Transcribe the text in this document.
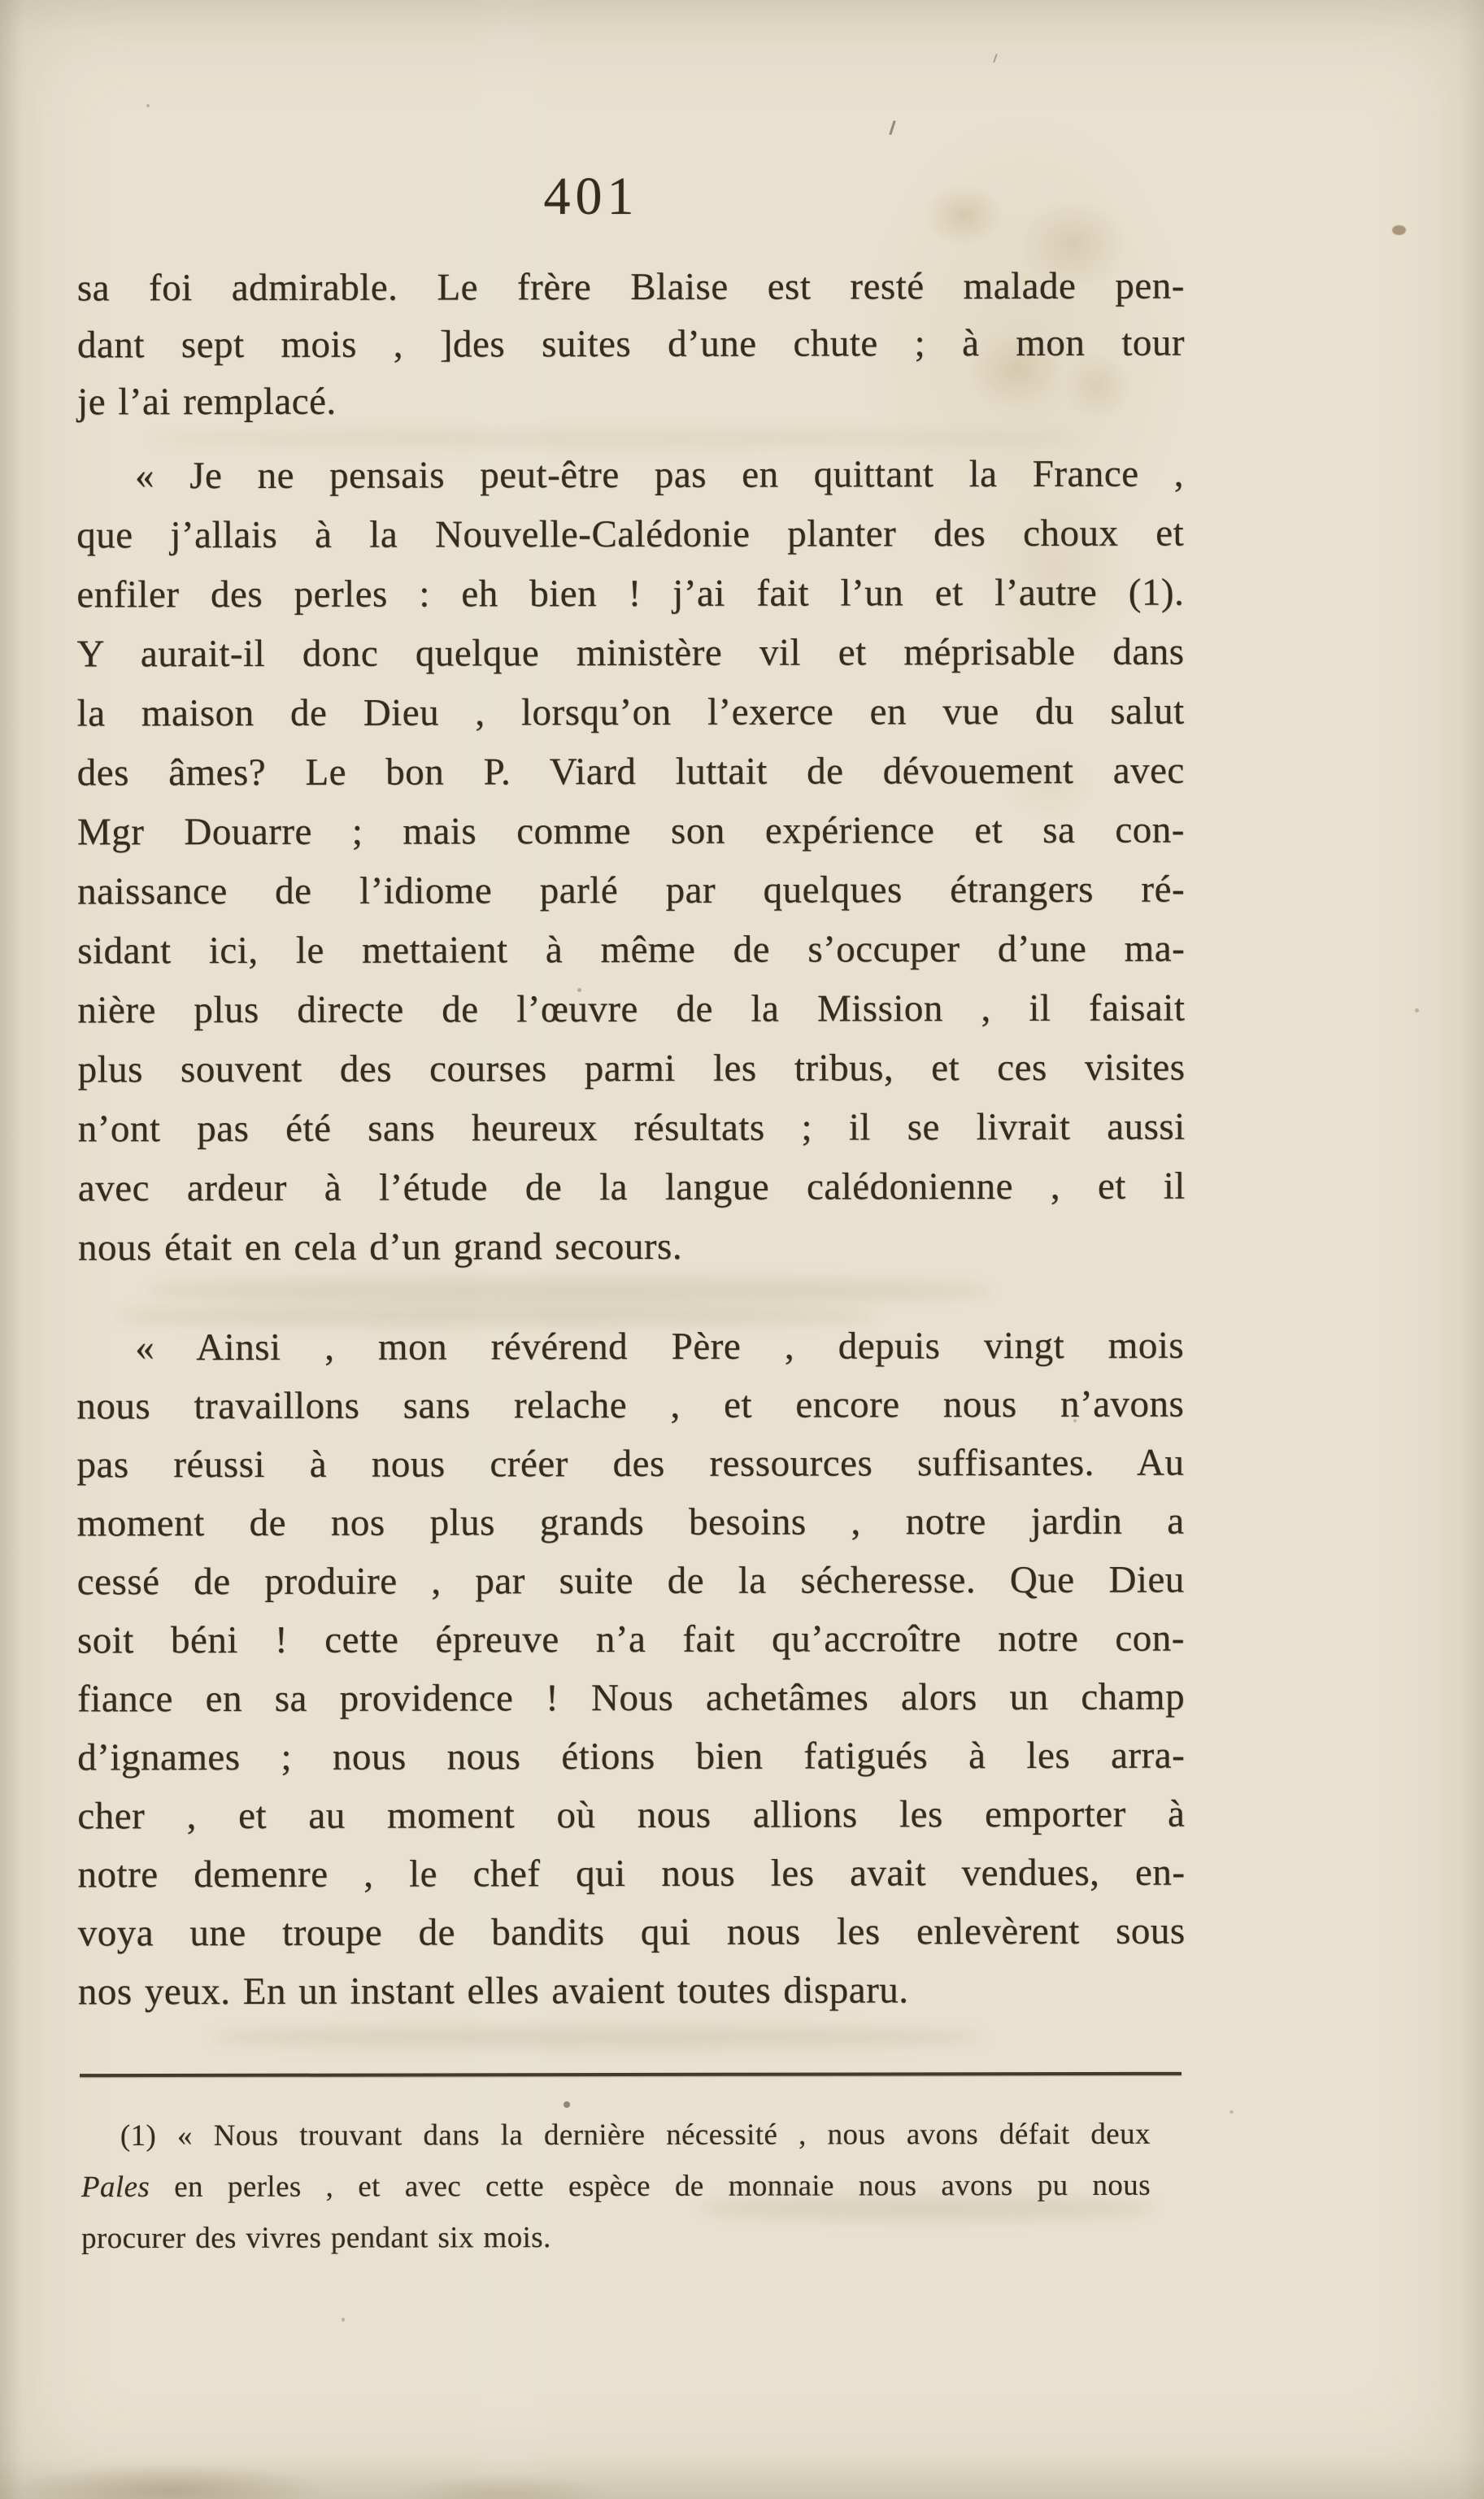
401
sa foi admirable. Le frère Blaise est resté malade pen-
dant sept mois , ]des suites d’une chute ; à mon tour
je l’ai remplacé.
« Je ne pensais peut-être pas en quittant la France ,
que j’allais à la Nouvelle-Calédonie planter des choux et
enfiler des perles : eh bien ! j’ai fait l’un et l’autre (1).
Y aurait-il donc quelque ministère vil et méprisable dans
la maison de Dieu , lorsqu’on l’exerce en vue du salut
des âmes? Le bon P. Viard luttait de dévouement avec
Mgr Douarre ; mais comme son expérience et sa con-
naissance de l’idiome parlé par quelques étrangers ré-
sidant ici, le mettaient à même de s’occuper d’une ma-
nière plus directe de l’œuvre de la Mission , il faisait
plus souvent des courses parmi les tribus, et ces visites
n’ont pas été sans heureux résultats ; il se livrait aussi
avec ardeur à l’étude de la langue calédonienne , et il
nous était en cela d’un grand secours.
« Ainsi , mon révérend Père , depuis vingt mois
nous travaillons sans relache , et encore nous n’avons
pas réussi à nous créer des ressources suffisantes. Au
moment de nos plus grands besoins , notre jardin a
cessé de produire , par suite de la sécheresse. Que Dieu
soit béni ! cette épreuve n’a fait qu’accroître notre con-
fiance en sa providence ! Nous achetâmes alors un champ
d’ignames ; nous nous étions bien fatigués à les arra-
cher , et au moment où nous allions les emporter à
notre demenre , le chef qui nous les avait vendues, en-
voya une troupe de bandits qui nous les enlevèrent sous
nos yeux. En un instant elles avaient toutes disparu.
(1) « Nous trouvant dans la dernière nécessité , nous avons défait deux
Pales en perles , et avec cette espèce de monnaie nous avons pu nous
procurer des vivres pendant six mois.
